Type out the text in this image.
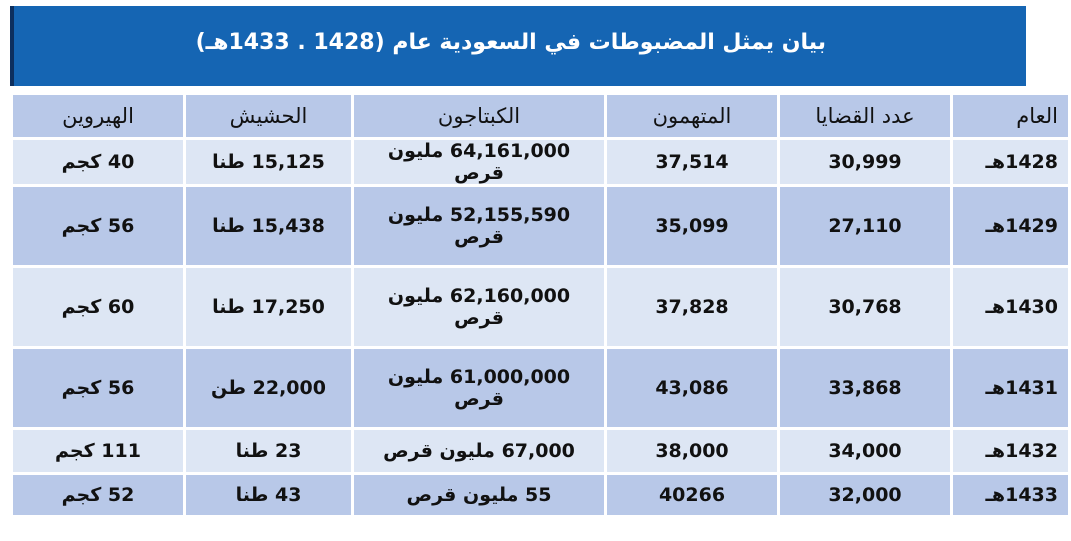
بيان يمثل المضبوطات في السعودية عام (1428 . 1433هـ)
العام	عدد القضايا	المتهمون	الكبتاجون	الحشيش	الهيروين
1428هـ	30,999	37,514	64,161,000 مليون قرص	15,125 طنا	40 كجم
1429هـ	27,110	35,099	52,155,590 مليون قرص	15,438 طنا	56 كجم
1430هـ	30,768	37,828	62,160,000 مليون قرص	17,250 طنا	60 كجم
1431هـ	33,868	43,086	61,000,000 مليون قرص	22,000 طن	56 كجم
1432هـ	34,000	38,000	67,000 مليون قرص	23 طنا	111 كجم
1433هـ	32,000	40266	55 مليون قرص	43 طنا	52 كجم
